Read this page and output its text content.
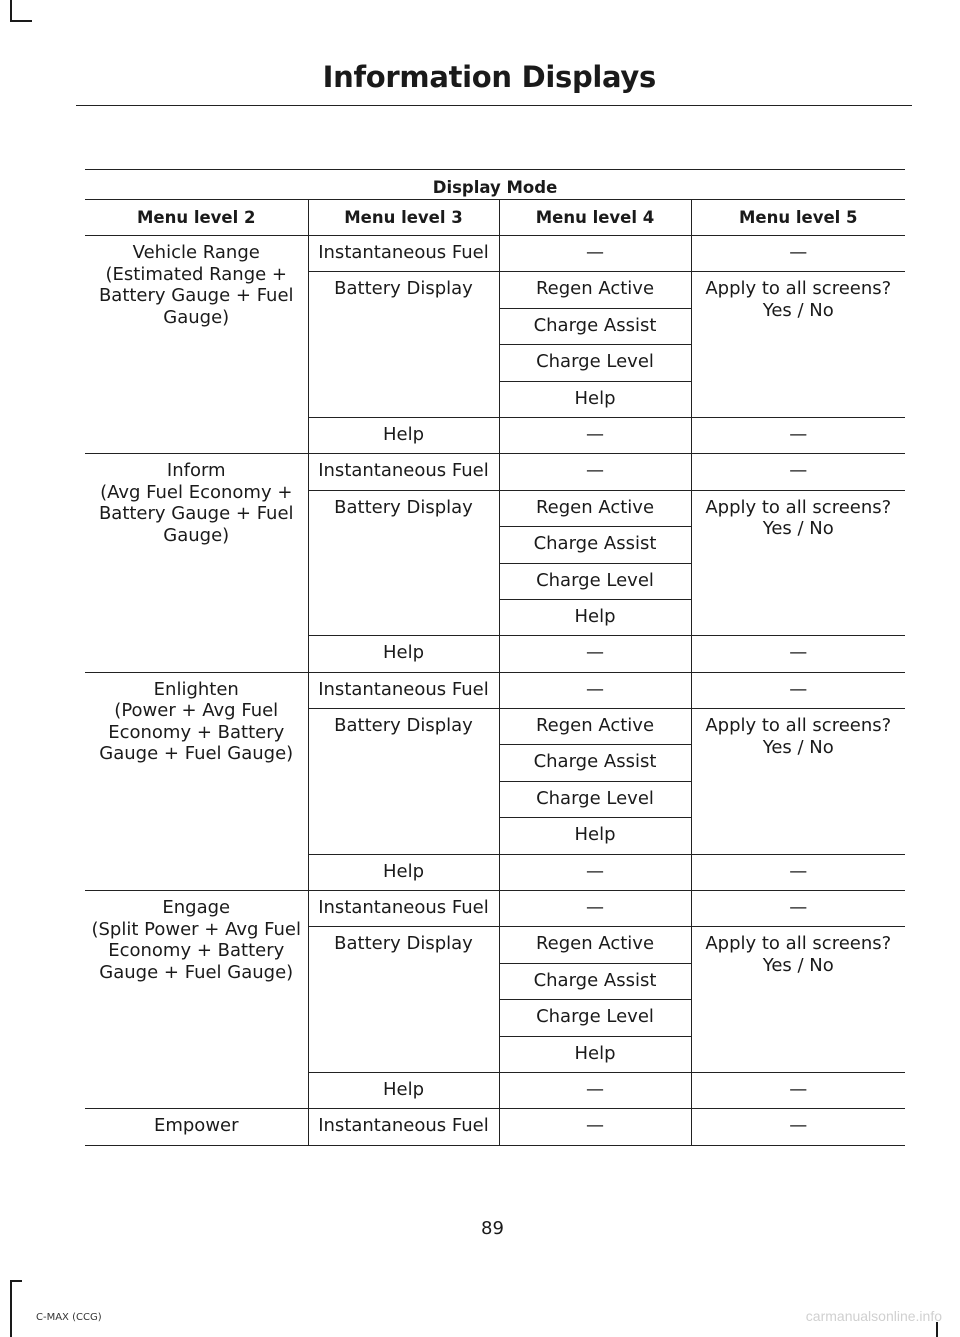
Information Displays
Display Mode			
Menu level 2	Menu level 3	Menu level 4	Menu level 5

Vehicle Range
(Estimated Range + Battery Gauge + Fuel Gauge)	Instantaneous Fuel	—	—
	Battery Display	Regen Active	Apply to all screens?
Yes / No

		Charge Assist	
		Charge Level	
		Help	
	Help	—	—

Inform
(Avg Fuel Economy + Battery Gauge + Fuel Gauge)	Instantaneous Fuel	—	—
	Battery Display	Regen Active	Apply to all screens?
Yes / No

		Charge Assist	
		Charge Level	
		Help	
	Help	—	—

Enlighten
(Power + Avg Fuel Economy + Battery Gauge + Fuel Gauge)	Instantaneous Fuel	—	—
	Battery Display	Regen Active	Apply to all screens?
Yes / No

		Charge Assist	
		Charge Level	
		Help	
	Help	—	—

Engage
(Split Power + Avg Fuel Economy + Battery Gauge + Fuel Gauge)	Instantaneous Fuel	—	—
	Battery Display	Regen Active	Apply to all screens?
Yes / No

		Charge Assist	
		Charge Level	
		Help	
	Help	—	—
Empower	Instantaneous Fuel	—	—
89
C-MAX (CCG)	carmanualsonline.info
